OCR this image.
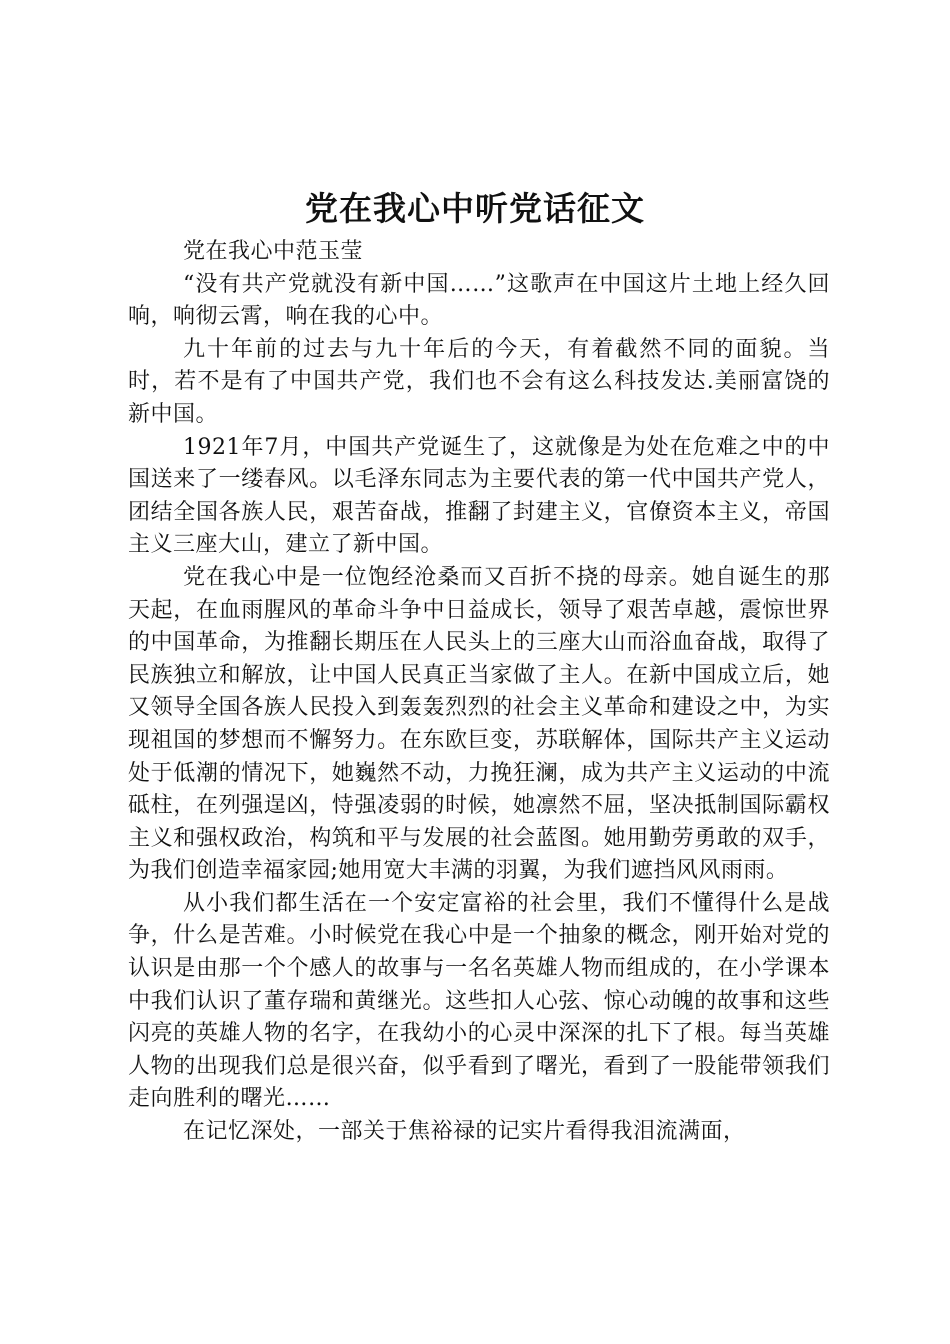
党在我心中听党话征文

党在我心中范玉莹

“没有共产党就没有新中国……”这歌声在中国这片土地上经久回响，响彻云霄，响在我的心中。

九十年前的过去与九十年后的今天，有着截然不同的面貌。当时，若不是有了中国共产党，我们也不会有这么科技发达.美丽富饶的新中国。

1921年7月，中国共产党诞生了，这就像是为处在危难之中的中国送来了一缕春风。以毛泽东同志为主要代表的第一代中国共产党人，团结全国各族人民，艰苦奋战，推翻了封建主义，官僚资本主义，帝国主义三座大山，建立了新中国。

党在我心中是一位饱经沧桑而又百折不挠的母亲。她自诞生的那天起，在血雨腥风的革命斗争中日益成长，领导了艰苦卓越，震惊世界的中国革命，为推翻长期压在人民头上的三座大山而浴血奋战，取得了民族独立和解放，让中国人民真正当家做了主人。在新中国成立后，她又领导全国各族人民投入到轰轰烈烈的社会主义革命和建设之中，为实现祖国的梦想而不懈努力。在东欧巨变，苏联解体，国际共产主义运动处于低潮的情况下，她巍然不动，力挽狂澜，成为共产主义运动的中流砥柱，在列强逞凶，恃强凌弱的时候，她凛然不屈，坚决抵制国际霸权主义和强权政治，构筑和平与发展的社会蓝图。她用勤劳勇敢的双手，为我们创造幸福家园;她用宽大丰满的羽翼，为我们遮挡风风雨雨。

从小我们都生活在一个安定富裕的社会里，我们不懂得什么是战争，什么是苦难。小时候党在我心中是一个抽象的概念，刚开始对党的认识是由那一个个感人的故事与一名名英雄人物而组成的，在小学课本中我们认识了董存瑞和黄继光。这些扣人心弦、惊心动魄的故事和这些闪亮的英雄人物的名字，在我幼小的心灵中深深的扎下了根。每当英雄人物的出现我们总是很兴奋，似乎看到了曙光，看到了一股能带领我们走向胜利的曙光……

在记忆深处，一部关于焦裕禄的记实片看得我泪流满面，
